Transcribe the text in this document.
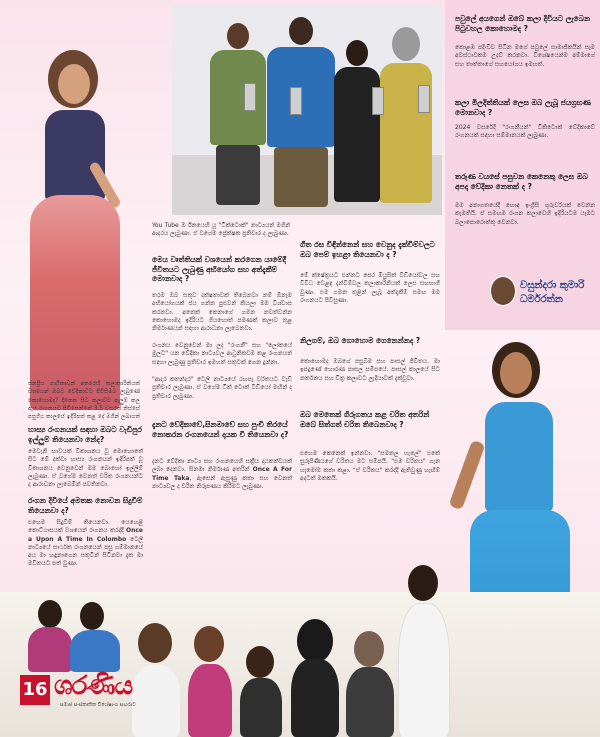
ජනප්‍රිය ගායිකාවන් අතරෙහි කලාකාරිනියක් වශයෙන් ඔබට වේදිකාවට පිවිසීමට ලැබුණේ කොහොමද? දිනෙක සිට කලාවට ඇලුම් කල ඇය රංගනයට පිවිසෙන්නේ 3.5 වසරක් තිස්සේ පසුගිය කාලයේ ඉදිරිපත් කළ දේ මගින් ලබාගත්
හාස්‍ය රංගනයක් සඳහා ඔබට වැඩිපුර ඉල්ලුම් තියෙනවා නේද?
මෙවැනි භාවයක් විකාශනය වූ මොහොතේ සිට මේ දක්වා හාස්‍ය රංගනයන් ඉදිරිපත් වූ විකාශනය වෙනුවෙන් මම බොහෝ ඉල්ලීම් ලැබුණා. ඒ වගේම වෙනත් චරිත රංගනයන්ට ද ආරාධනා ලැබෙමින් පවතිනවා.
රංගන දිවියේ අමතක නොවන සිදුවීම් තියෙනවා ද?
එහෙම සිදුවීම් තියෙනවා. යෙහෙළි කොට්ඨාසයක් වශයෙන් රංගනය කරද්දී Once a Upon A Time In Colombo ටෙලි නාට්‍යයේ සාර්ථක රංගනයෙන් පසු ගම්මානයේ අය මා හඳුනාගෙන සතුටින් සිටිනවා දැක මා මවිතයට පත් වුණා.
You Tube ඔ ඊනයෙහි යූ "ටික්ටොක්" නාට්‍යයන් මගින් ආදරය ලැබුණා. ඒ වගේම ප්‍රේක්ෂක ප්‍රතිචාර ද ලැබුණා.
මෙය වෘත්තියක් වශයෙන් කරගෙන යාමේදී ජීවිතයට ලැබුණු අභියෝග සහ අත්දැකීම් මොනවාද ?
තරම ඔබ සතුව දක්ෂතාවක් තිබෙනවා නම් ඕනෑම අභියෝගයක් ජය ගන්න පුළුවන් කියලා මම විශ්වාස කරනවා. අනෙක් කෙනාගේ ගමන නවත්වන්න කොහොමද ඉදිරියට ගියහොත් පමණක් කලාව තුළ නිර්මාණයන් සඳහා ආරාධනා ලැබෙනවා.
රංගනය වෙනුවෙන් මා ලද "රංගනී" සහ "ලෝකයේ මුලට" යන වේදිකා නාට්‍යවල ආධුනිකවම කළ රංගනයන් සඳහා ලැබුණු ප්‍රතිචාර ඉමහත් සතුටක් ගෙන දුන්නා.
"ආදර කතන්දර" ටෙලි නාට්‍යයේ රඟපෑ චරිතයට වැඩි ප්‍රතිචාර ලැබුණා. ඒ වගේම ටික් ටොක් වීඩියෝ මඟින් ද ප්‍රතිචාර ලැබුණා.
දැනට වේදිකාවේ,සිනමාවේ සහ පුංචි තිරයේ නොකරන රංගනයෙන් දායක වී තියෙනවා ද?
දැනට වේදිකා නාට්‍ය සහ රංගනයෙහි සක්‍රීය දායකත්වයක් ලබා දෙනවා. සිනමා නිර්මාණ අතරින් Once A For Time Taka, ඇසෙන් ඇසුණු කතා සහ වෙනත් නාට්‍යවල ද චරිත නිරූපණය කිරීමට ලැබුණා.
ගීත රස විඳින්නෙන් සහ වෙනුද දැක්වීම්වලට ඔබ පෙම් ඉහළා තියෙනවා ද ?
මේ ක්ෂේත්‍රයට එන්නට පෙර මියුසික් වීඩියෝවල සහ විවිධ වෙළඳ දැන්වීම්වල කලාකාරිනියක් ලෙස සහභාගී වුණා. එම ගමන තුළින් ලැබූ අත්දැකීම් සමඟ මම රංගනයට පිවිසුණා.
නිලගම්, ඔබ ගොහොම ගෙනෙන්නද ?
කොහොමද ඔබගේ පසුබිම සහ පාසල් ජීවිතය. මා ඉපදුණේ හොරණ පාසල සමීපයේ. පාසල් කාලයේ සිට නර්තනය සහ චිත්‍ර කලාවට ලැදියාවක් දැක්වූවා.
ඔබ මෙතෙක් ගිරුගතය කළ චරිත අතරින් ඔබේ සිත්ගත් චරිත තිබෙනවාද ?
එහෙම කෙනෙක් ඉන්නවා. "සමනල හැලේ" එකේ සුරූපිණියගේ චරිතය මට සමීපයි. "එම චරිතය" ගැන හැමෝම කතා කළා. "ඒ චරිතය" කරද්දී ඇතිවුණු හැඟීම් අදටත් මතකයි.
පවුලේ අයගෙන් ඔබේ කලා දිවියට ලැබෙන පිටුවහල කොහොමද ?
කොළඹ පදිංචිව සිටින මගේ පවුලේ සාමාජිකයින් සෑම අවස්ථාවකම උදව් කරනවා. විශේෂයෙන්ම අම්මාගේ සහ තාත්තාගේ සහයෝගය ඉමහත්.
කලා මිලදිත්තියක් ලෙස ඔබ ලැබූ ජයග්‍රහණ මොනවාද ?
2024 වසරේදී "රංගනීයන්" ටිකිටොක් වේදිකාවේ රංගනයක් සඳහා සම්මානයක් ලැබුණා.
තරුණ වයසේ පසුවන කෙනෙකු ලෙස ඔබ අපදා වේදිකා නෙතක් ද ?
මම අනාගතයේදී හොඳ ඉංග්‍රීසි ගුරුවරියක් වෙන්න කැමතියි. ඒ සමඟම රංගන කලාවෙහි ඉදිරියටම යෑමට බලාපොරොත්තු වෙනවා.
වසුන්දරා කුමාරි
ධර්මරත්න
16 ශරණිය
සමාජ සංස්කෘතික විශේෂාංග සඟරාව
